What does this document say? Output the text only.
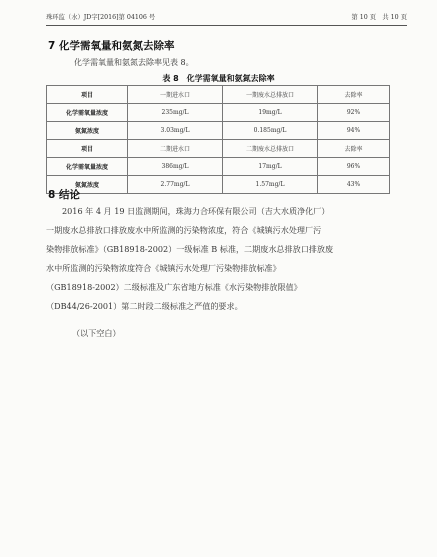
珠环监（水）JD字[2016]第 04106 号	第 10 页　共 10 页
7 化学需氧量和氨氮去除率
化学需氧量和氨氮去除率见表 8。
表 8　化学需氧量和氨氮去除率
项目	一期进水口	一期废水总排放口	去除率
化学需氧量浓度	235mg/L	19mg/L	92%
氨氮浓度	3.03mg/L	0.185mg/L	94%
项目	二期进水口	二期废水总排放口	去除率
化学需氧量浓度	386mg/L	17mg/L	96%
氨氮浓度	2.77mg/L	1.57mg/L	43%
8 结论
2016 年 4 月 19 日监测期间，珠海力合环保有限公司（吉大水质净化厂）
一期废水总排放口排放废水中所监测的污染物浓度，符合《城镇污水处理厂污
染物排放标准》（GB18918-2002）一级标准 B 标准，二期废水总排放口排放废
水中所监测的污染物浓度符合《城镇污水处理厂污染物排放标准》
（GB18918-2002）二级标准及广东省地方标准《水污染物排放限值》
（DB44/26-2001）第二时段二级标准之严值的要求。
（以下空白）
